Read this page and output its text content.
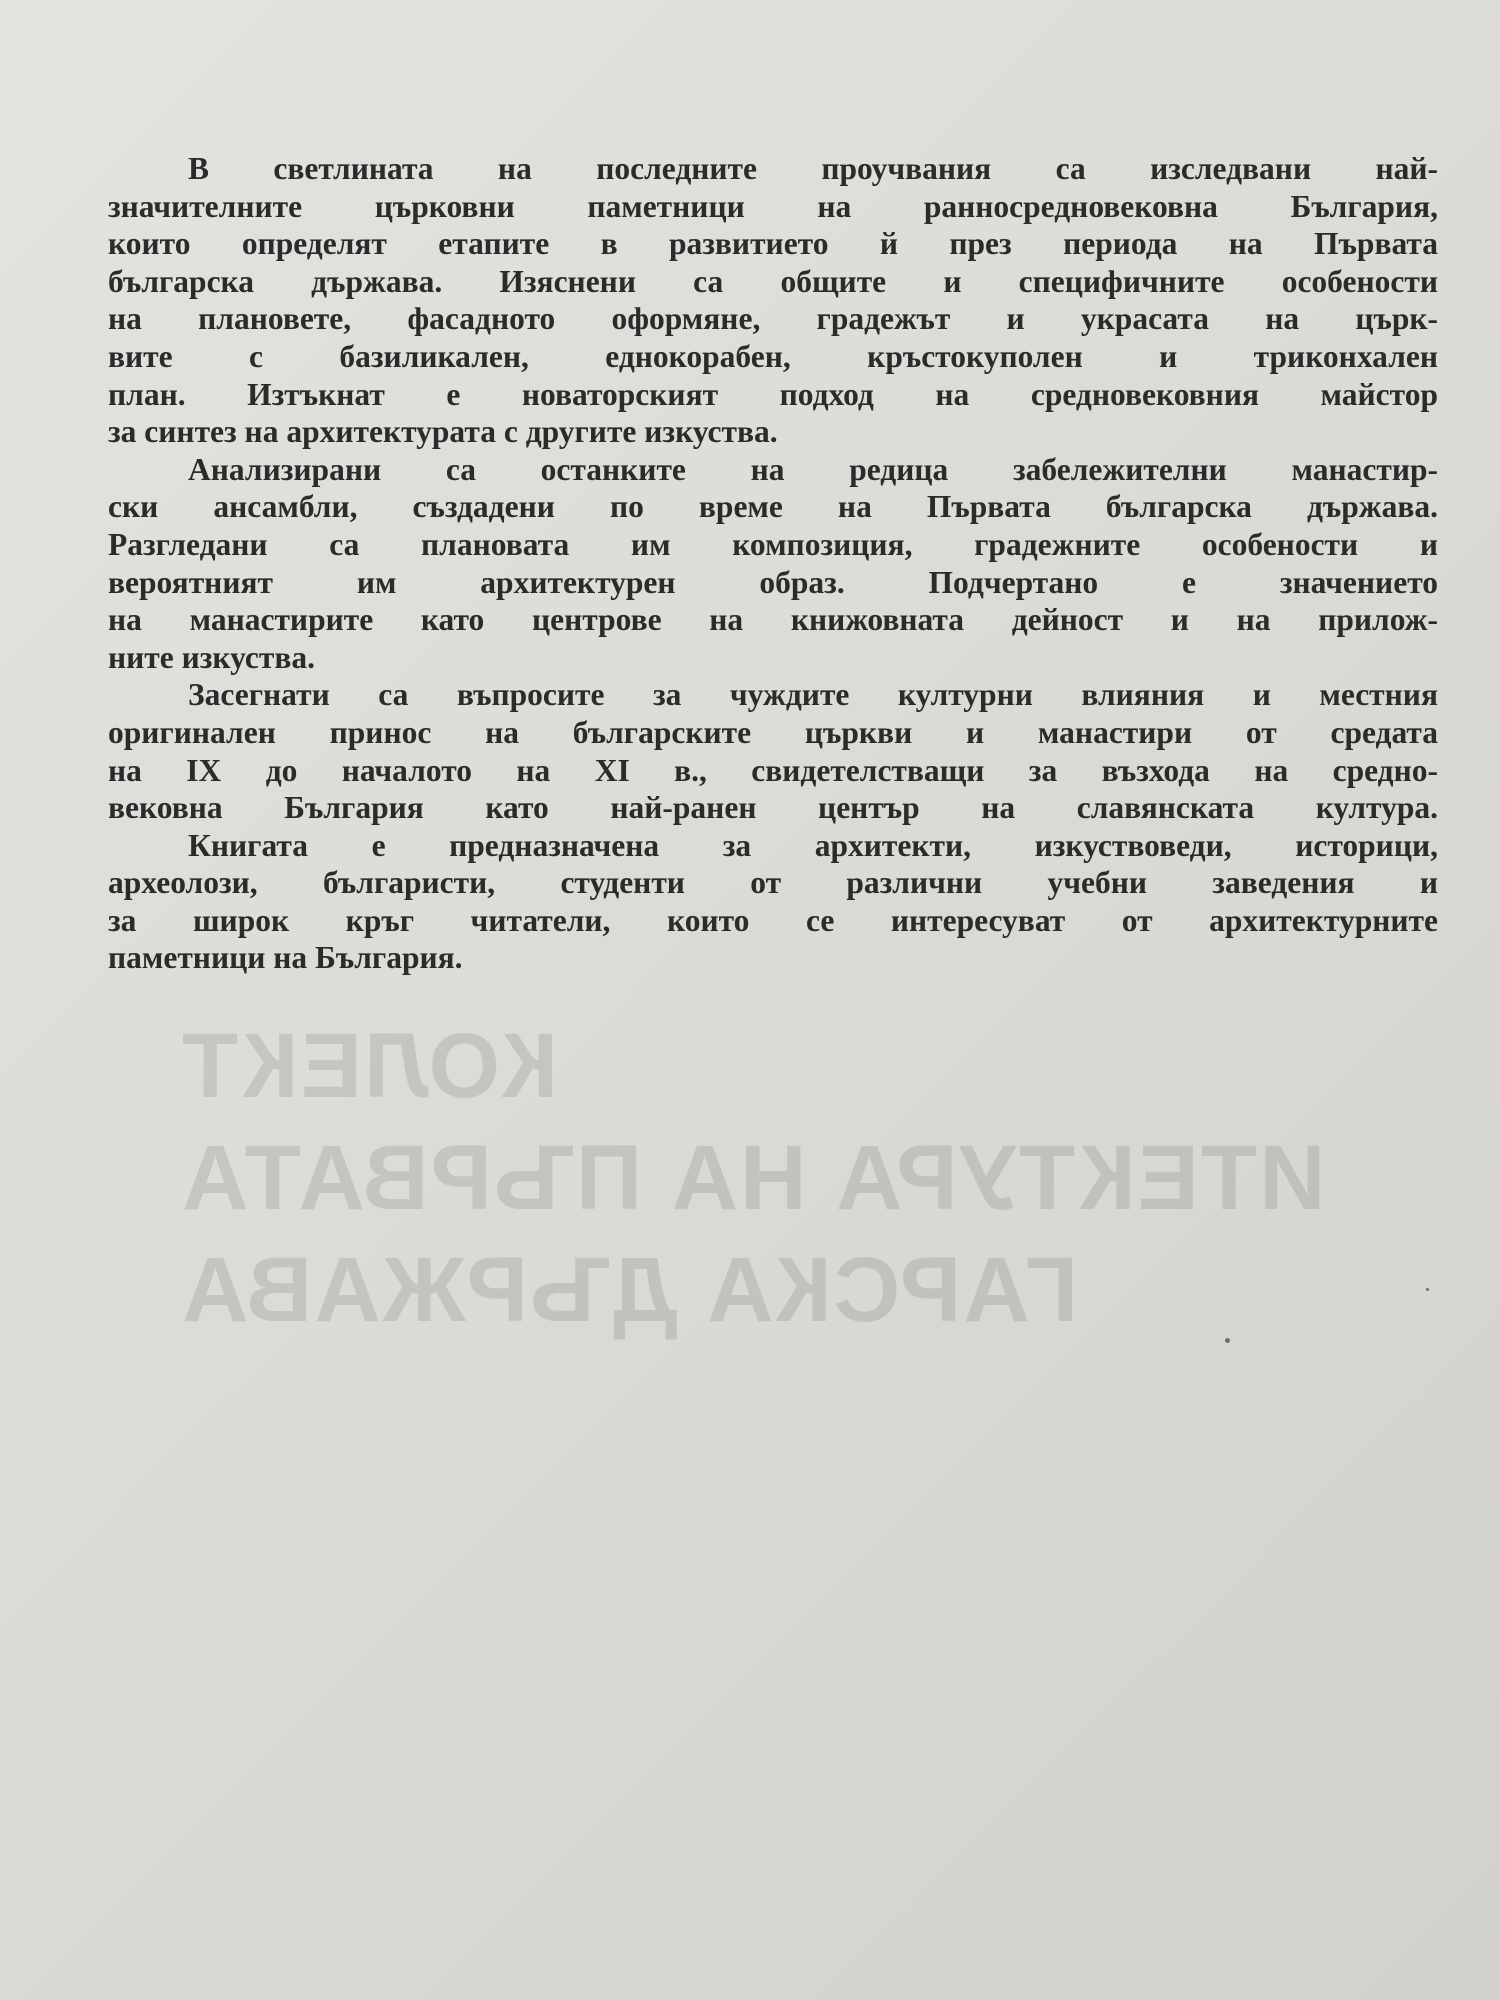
КОЛЕКТ
ИТЕКТУРА НА ПЪРВАТА
ГАРСКА ДЪРЖАВА
В светлината на последните проучвания са изследвани най-
значителните църковни паметници на ранносредновековна България,
които определят етапите в развитието й през периода на Първата
българска държава. Изяснени са общите и специфичните особености
на плановете, фасадното оформяне, градежът и украсата на църк-
вите с базиликален, еднокорабен, кръстокуполен и триконхален
план. Изтъкнат е новаторският подход на средновековния майстор
за синтез на архитектурата с другите изкуства.
Анализирани са останките на редица забележителни манастир-
ски ансамбли, създадени по време на Първата българска държава.
Разгледани са плановата им композиция, градежните особености и
вероятният им архитектурен образ. Подчертано е значението
на манастирите като центрове на книжовната дейност и на прилож-
ните изкуства.
Засегнати са въпросите за чуждите културни влияния и местния
оригинален принос на българските църкви и манастири от средата
на IX до началото на XI в., свидетелстващи за възхода на средно-
вековна България като най-ранен център на славянската култура.
Книгата е предназначена за архитекти, изкуствоведи, историци,
археолози, българисти, студенти от различни учебни заведения и
за широк кръг читатели, които се интересуват от архитектурните
паметници на България.
